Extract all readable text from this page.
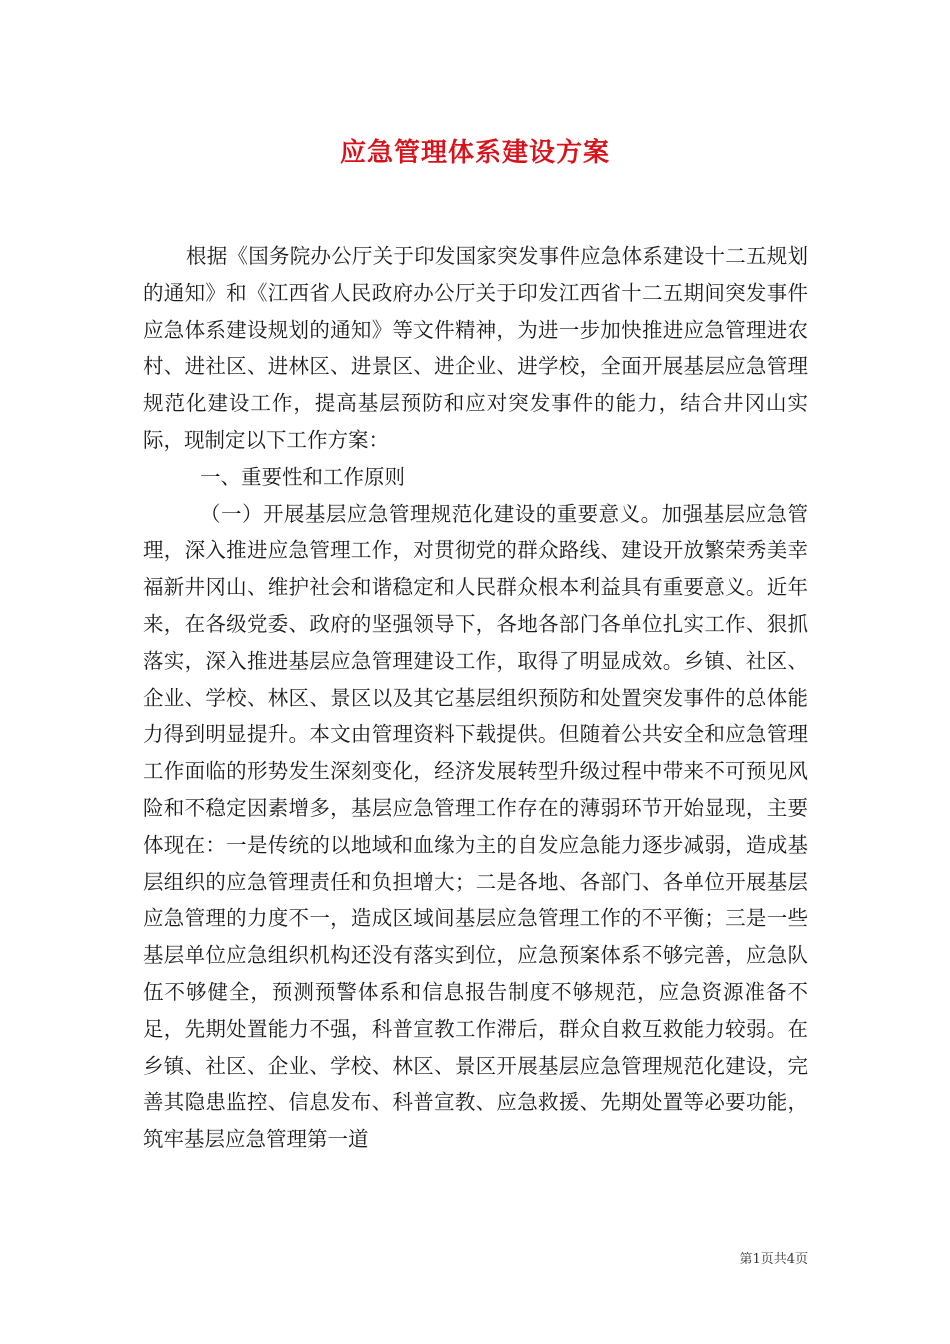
应急管理体系建设方案

根据《国务院办公厅关于印发国家突发事件应急体系建设十二五规划的通知》和《江西省人民政府办公厅关于印发江西省十二五期间突发事件应急体系建设规划的通知》等文件精神，为进一步加快推进应急管理进农村、进社区、进林区、进景区、进企业、进学校，全面开展基层应急管理规范化建设工作，提高基层预防和应对突发事件的能力，结合井冈山实际，现制定以下工作方案：

一、重要性和工作原则

（一）开展基层应急管理规范化建设的重要意义。加强基层应急管理，深入推进应急管理工作，对贯彻党的群众路线、建设开放繁荣秀美幸福新井冈山、维护社会和谐稳定和人民群众根本利益具有重要意义。近年来，在各级党委、政府的坚强领导下，各地各部门各单位扎实工作、狠抓落实，深入推进基层应急管理建设工作，取得了明显成效。乡镇、社区、企业、学校、林区、景区以及其它基层组织预防和处置突发事件的总体能力得到明显提升。本文由管理资料下载提供。但随着公共安全和应急管理工作面临的形势发生深刻变化，经济发展转型升级过程中带来不可预见风险和不稳定因素增多，基层应急管理工作存在的薄弱环节开始显现，主要体现在：一是传统的以地域和血缘为主的自发应急能力逐步减弱，造成基层组织的应急管理责任和负担增大；二是各地、各部门、各单位开展基层应急管理的力度不一，造成区域间基层应急管理工作的不平衡；三是一些基层单位应急组织机构还没有落实到位，应急预案体系不够完善，应急队伍不够健全，预测预警体系和信息报告制度不够规范，应急资源准备不足，先期处置能力不强，科普宣教工作滞后，群众自救互救能力较弱。在乡镇、社区、企业、学校、林区、景区开展基层应急管理规范化建设，完善其隐患监控、信息发布、科普宣教、应急救援、先期处置等必要功能，筑牢基层应急管理第一道

第1页共4页
